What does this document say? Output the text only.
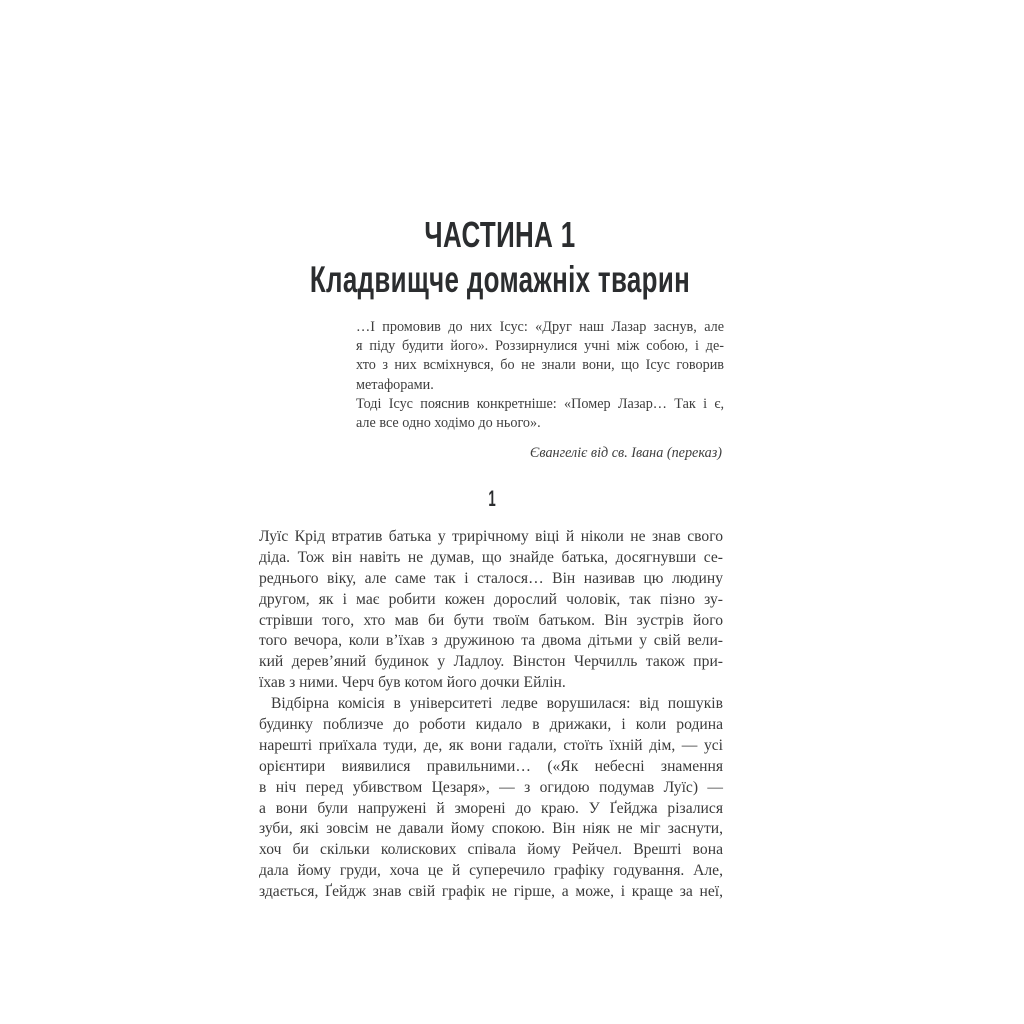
ЧАСТИНА 1
Кладвищче домажніх тварин

…І промовив до них Ісус: «Друг наш Лазар заснув, але

я піду будити його». Роззирнулися учні між собою, і де-

хто з них всміхнувся, бо не знали вони, що Ісус говорив

метафорами.

Тоді Ісус пояснив конкретніше: «Помер Лазар… Так і є,

але все одно ходімо до нього».

Євангеліє від св. Івана (переказ)
1
Луїс Крід втратив батька у трирічному віці й ніколи не знав свого
діда. Тож він навіть не думав, що знайде батька, досягнувши се-
реднього віку, але саме так і сталося… Він називав цю людину
другом, як і має робити кожен дорослий чоловік, так пізно зу-
стрівши того, хто мав би бути твоїм батьком. Він зустрів його
того вечора, коли в’їхав з дружиною та двома дітьми у свій вели-
кий дерев’яний будинок у Ладлоу. Вінстон Черчилль також при-
їхав з ними. Черч був котом його дочки Ейлін.
Відбірна комісія в університеті ледве ворушилася: від пошуків
будинку поблизче до роботи кидало в дрижаки, і коли родина
нарешті приїхала туди, де, як вони гадали, стоїть їхній дім, — усі
орієнтири виявилися правильними… («Як небесні знамення
в ніч перед убивством Цезаря», — з огидою подумав Луїс) —
а вони були напружені й зморені до краю. У Ґейджа різалися
зуби, які зовсім не давали йому спокою. Він ніяк не міг заснути,
хоч би скільки колискових співала йому Рейчел. Врешті вона
дала йому груди, хоча це й суперечило графіку годування. Але,
здається, Ґейдж знав свій графік не гірше, а може, і краще за неї,
